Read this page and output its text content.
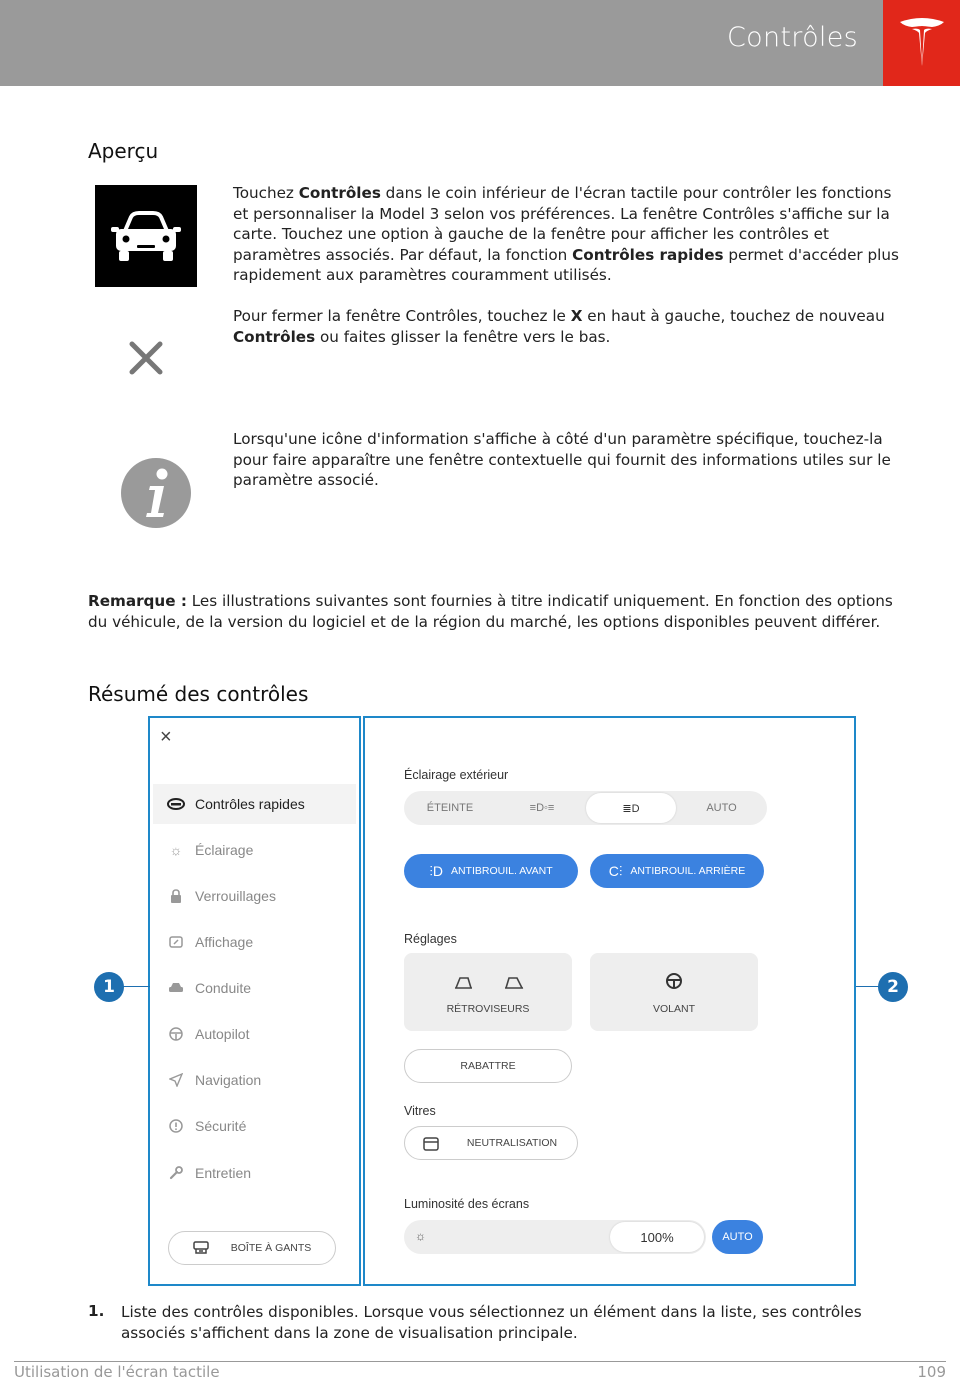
Contrôles
Aperçu
Touchez Contrôles dans le coin inférieur de l'écran tactile pour contrôler les fonctions et personnaliser la Model 3 selon vos préférences. La fenêtre Contrôles s'affiche sur la carte. Touchez une option à gauche de la fenêtre pour afficher les contrôles et paramètres associés. Par défaut, la fonction Contrôles rapides permet d'accéder plus rapidement aux paramètres couramment utilisés.
Pour fermer la fenêtre Contrôles, touchez le X en haut à gauche, touchez de nouveau Contrôles ou faites glisser la fenêtre vers le bas.
Lorsqu'une icône d'information s'affiche à côté d'un paramètre spécifique, touchez-la pour faire apparaître une fenêtre contextuelle qui fournit des informations utiles sur le paramètre associé.
Remarque : Les illustrations suivantes sont fournies à titre indicatif uniquement. En fonction des options du véhicule, de la version du logiciel et de la région du marché, les options disponibles peuvent différer.
Résumé des contrôles
×
Contrôles rapides
☼ Éclairage
Verrouillages
Affichage
Conduite
Autopilot
Navigation
Sécurité
Entretien
BOÎTE À GANTS
Éclairage extérieur
ÉTEINTE	≡D◦≡	≣D	AUTO
⫶D ANTIBROUIL. AVANT	C⫶ ANTIBROUIL. ARRIÈRE
Réglages
RÉTROVISEURS	VOLANT
RABATTRE
Vitres
NEUTRALISATION
Luminosité des écrans
☼	100%	AUTO
1	2
1. Liste des contrôles disponibles. Lorsque vous sélectionnez un élément dans la liste, ses contrôles associés s'affichent dans la zone de visualisation principale.
Utilisation de l'écran tactile	109
